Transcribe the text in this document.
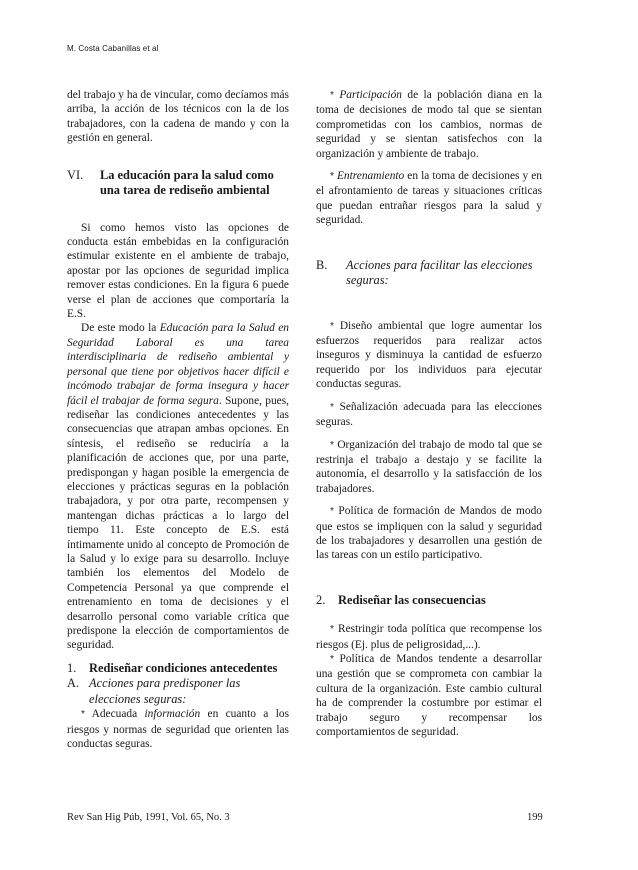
M. Costa Cabanillas et al

del trabajo y ha de vincular, como decíamos más arriba, la acción de los técnicos con la de los trabajadores, con la cadena de mando y con la gestión en general.

VI.	La educación para la salud como una tarea de rediseño ambiental

Si como hemos visto las opciones de conducta están embebidas en la configuración estimular existente en el ambiente de trabajo, apostar por las opciones de seguridad implica remover estas condiciones. En la figura 6 puede verse el plan de acciones que comportaría la E.S.

De este modo la Educación para la Salud en Seguridad Laboral es una tarea interdisciplinaria de rediseño ambiental y personal que tiene por objetivos hacer difícil e incómodo trabajar de forma insegura y hacer fácil el trabajar de forma segura. Supone, pues, rediseñar las condiciones antecedentes y las consecuencias que atrapan ambas opciones. En síntesis, el rediseño se reduciría a la planificación de acciones que, por una parte, predispongan y hagan posible la emergencia de elecciones y prácticas seguras en la población trabajadora, y por otra parte, recompensen y mantengan dichas prácticas a lo largo del tiempo 11. Este concepto de E.S. está íntimamente unido al concepto de Promoción de la Salud y lo exige para su desarrollo. Incluye también los elementos del Modelo de Competencia Personal ya que comprende el entrenamiento en toma de decisiones y el desarrollo personal como variable crítica que predispone la elección de comportamientos de seguridad.

1.	Rediseñar condiciones antecedentes
A. Acciones para predisponer las elecciones seguras:

* Adecuada información en cuanto a los riesgos y normas de seguridad que orienten las conductas seguras.

* Participación de la población diana en la toma de decisiones de modo tal que se sientan comprometidas con los cambios, normas de seguridad y se sientan satisfechos con la organización y ambiente de trabajo.

* Entrenamiento en la toma de decisiones y en el afrontamiento de tareas y situaciones críticas que puedan entrañar riesgos para la salud y seguridad.

B.	Acciones para facilitar las elecciones seguras:

* Diseño ambiental que logre aumentar los esfuerzos requeridos para realizar actos inseguros y disminuya la cantidad de esfuerzo requerido por los individuos para ejecutar conductas seguras.

* Señalización adecuada para las elecciones seguras.

* Organización del trabajo de modo tal que se restrinja el trabajo a destajo y se facilite la autonomía, el desarrollo y la satisfacción de los trabajadores.

* Política de formación de Mandos de modo que estos se impliquen con la salud y seguridad de los trabajadores y desarrollen una gestión de las tareas con un estilo participativo.

2.	Rediseñar las consecuencias

* Restringir toda política que recompense los riesgos (Ej. plus de peligrosidad,...).

* Política de Mandos tendente a desarrollar una gestión que se comprometa con cambiar la cultura de la organización. Este cambio cultural ha de comprender la costumbre por estimar el trabajo seguro y recompensar los comportamientos de seguridad.

Rev San Hig Púb, 1991, Vol. 65, No. 3	199
